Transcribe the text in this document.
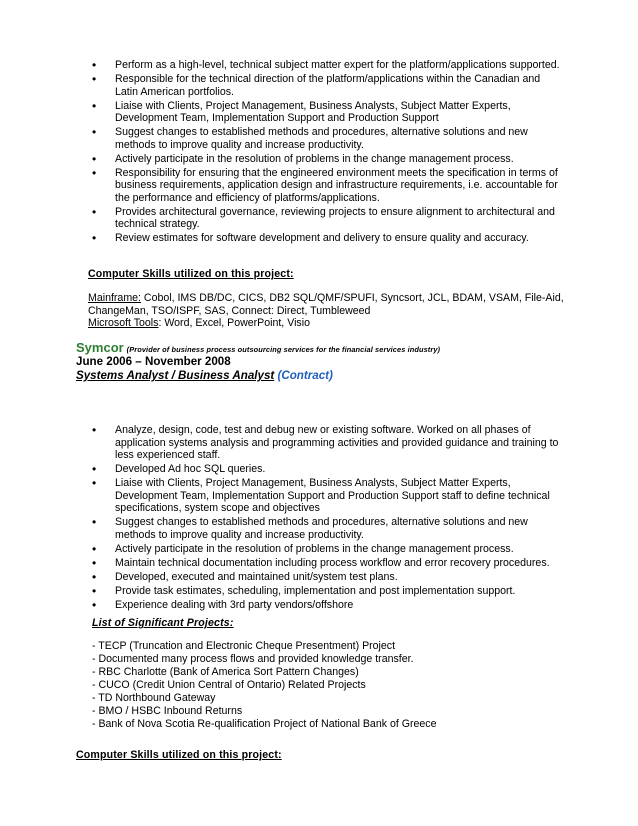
• Perform as a high-level, technical subject matter expert for the platform/applications supported.
• Responsible for the technical direction of the platform/applications within the Canadian and Latin American portfolios.
• Liaise with Clients, Project Management, Business Analysts, Subject Matter Experts, Development Team, Implementation Support and Production Support
• Suggest changes to established methods and procedures, alternative solutions and new methods to improve quality and increase productivity.
• Actively participate in the resolution of problems in the change management process.
• Responsibility for ensuring that the engineered environment meets the specification in terms of business requirements, application design and infrastructure requirements, i.e. accountable for the performance and efficiency of platforms/applications.
• Provides architectural governance, reviewing projects to ensure alignment to architectural and technical strategy.
• Review estimates for software development and delivery to ensure quality and accuracy.
Computer Skills utilized on this project:
Mainframe: Cobol, IMS DB/DC, CICS, DB2 SQL/QMF/SPUFI, Syncsort, JCL, BDAM, VSAM, File-Aid, ChangeMan, TSO/ISPF, SAS, Connect: Direct, Tumbleweed
Microsoft Tools: Word, Excel, PowerPoint, Visio
Symcor (Provider of business process outsourcing services for the financial services industry)
June 2006 – November 2008
Systems Analyst / Business Analyst (Contract)
• Analyze, design, code, test and debug new or existing software. Worked on all phases of application systems analysis and programming activities and provided guidance and training to less experienced staff.
• Developed Ad hoc SQL queries.
• Liaise with Clients, Project Management, Business Analysts, Subject Matter Experts, Development Team, Implementation Support and Production Support staff to define technical specifications, system scope and objectives
• Suggest changes to established methods and procedures, alternative solutions and new methods to improve quality and increase productivity.
• Actively participate in the resolution of problems in the change management process.
• Maintain technical documentation including process workflow and error recovery procedures.
• Developed, executed and maintained unit/system test plans.
• Provide task estimates, scheduling, implementation and post implementation support.
• Experience dealing with 3rd party vendors/offshore
List of Significant Projects:
- TECP (Truncation and Electronic Cheque Presentment) Project
- Documented many process flows and provided knowledge transfer.
- RBC Charlotte (Bank of America Sort Pattern Changes)
- CUCO (Credit Union Central of Ontario) Related Projects
- TD Northbound Gateway
- BMO / HSBC Inbound Returns
- Bank of Nova Scotia Re-qualification Project of National Bank of Greece
Computer Skills utilized on this project:
